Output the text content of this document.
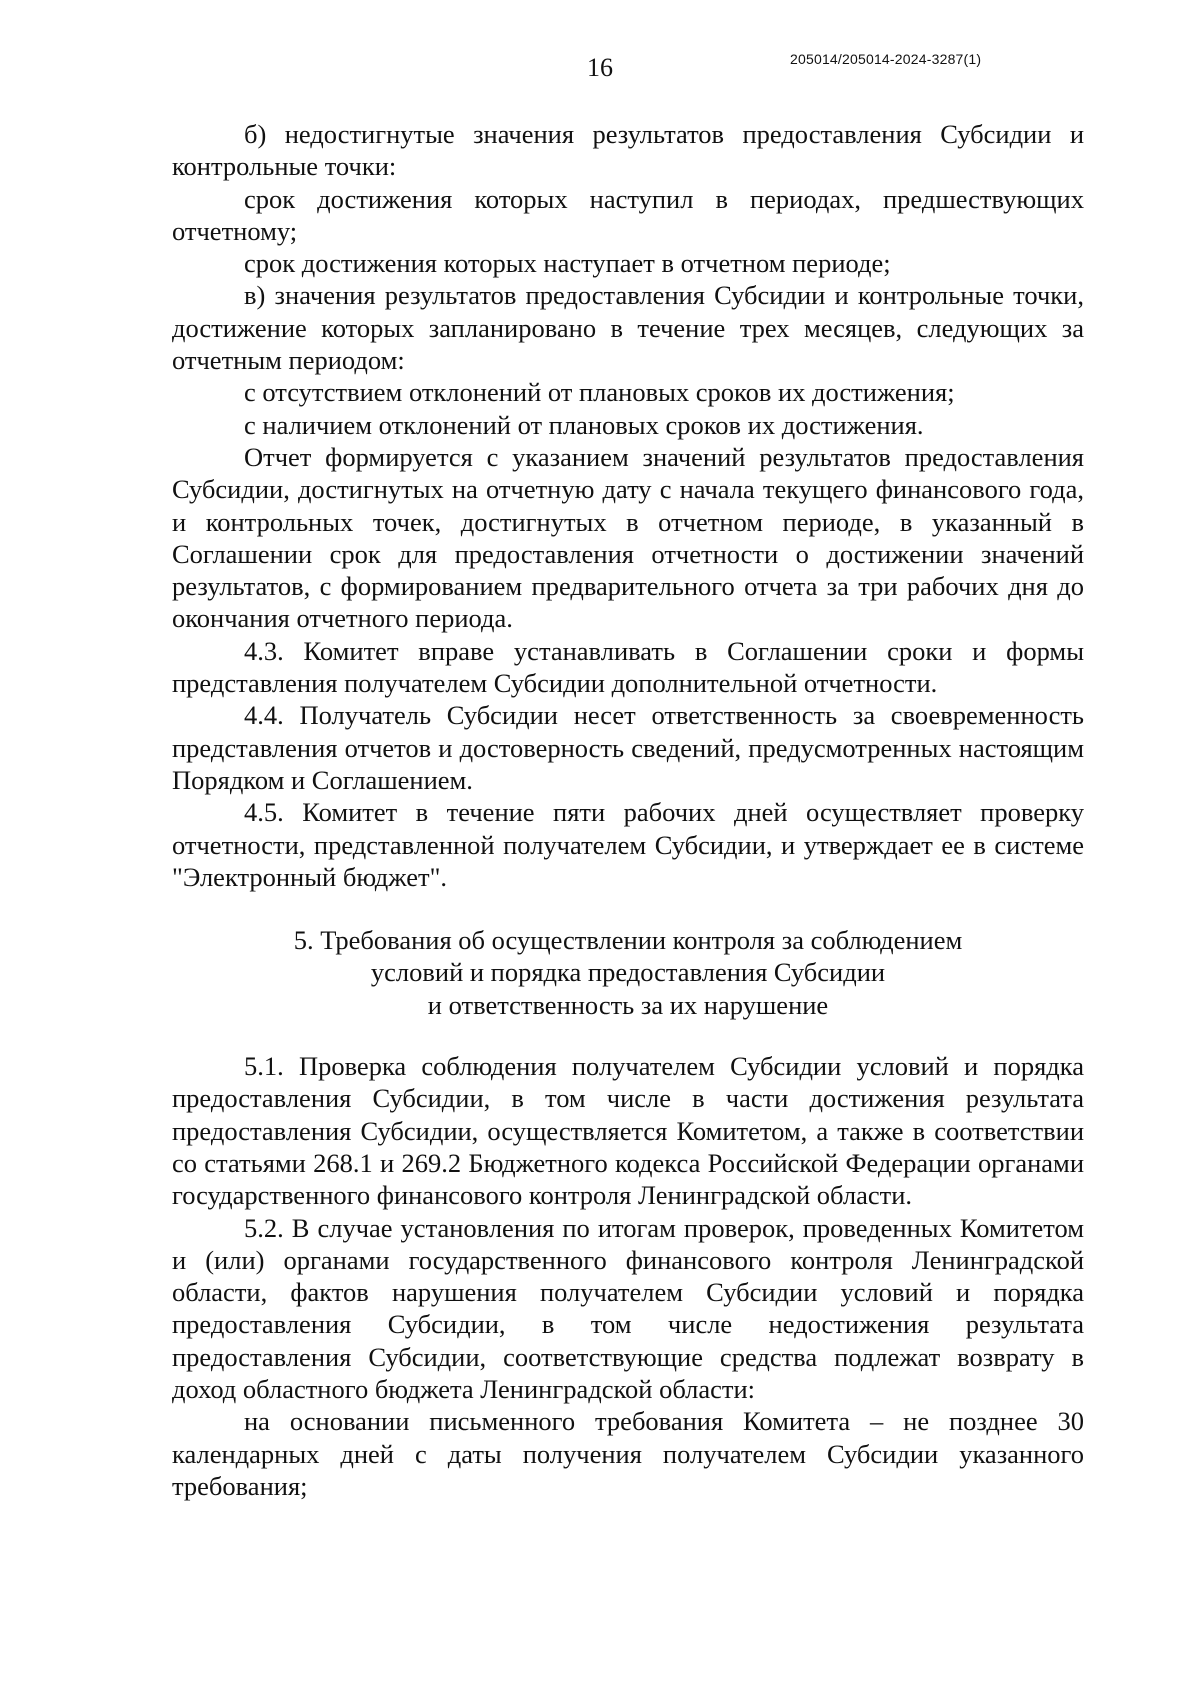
16	205014/205014-2024-3287(1)

б) недостигнутые значения результатов предоставления Субсидии и контрольные точки:

срок достижения которых наступил в периодах, предшествующих отчетному;

срок достижения которых наступает в отчетном периоде;

в) значения результатов предоставления Субсидии и контрольные точки, достижение которых запланировано в течение трех месяцев, следующих за отчетным периодом:

с отсутствием отклонений от плановых сроков их достижения;

с наличием отклонений от плановых сроков их достижения.

Отчет формируется с указанием значений результатов предоставления Субсидии, достигнутых на отчетную дату с начала текущего финансового года, и контрольных точек, достигнутых в отчетном периоде, в указанный в Соглашении срок для предоставления отчетности о достижении значений результатов, с формированием предварительного отчета за три рабочих дня до окончания отчетного периода.

4.3. Комитет вправе устанавливать в Соглашении сроки и формы представления получателем Субсидии дополнительной отчетности.

4.4. Получатель Субсидии несет ответственность за своевременность представления отчетов и достоверность сведений, предусмотренных настоящим Порядком и Соглашением.

4.5. Комитет в течение пяти рабочих дней осуществляет проверку отчетности, представленной получателем Субсидии, и утверждает ее в системе "Электронный бюджет".

5. Требования об осуществлении контроля за соблюдением
условий и порядка предоставления Субсидии
и ответственность за их нарушение

5.1. Проверка соблюдения получателем Субсидии условий и порядка предоставления Субсидии, в том числе в части достижения результата предоставления Субсидии, осуществляется Комитетом, а также в соответствии со статьями 268.1 и 269.2 Бюджетного кодекса Российской Федерации органами государственного финансового контроля Ленинградской области.

5.2. В случае установления по итогам проверок, проведенных Комитетом и (или) органами государственного финансового контроля Ленинградской области, фактов нарушения получателем Субсидии условий и порядка предоставления Субсидии, в том числе недостижения результата предоставления Субсидии, соответствующие средства подлежат возврату в доход областного бюджета Ленинградской области:

на основании письменного требования Комитета – не позднее 30 календарных дней с даты получения получателем Субсидии указанного требования;
